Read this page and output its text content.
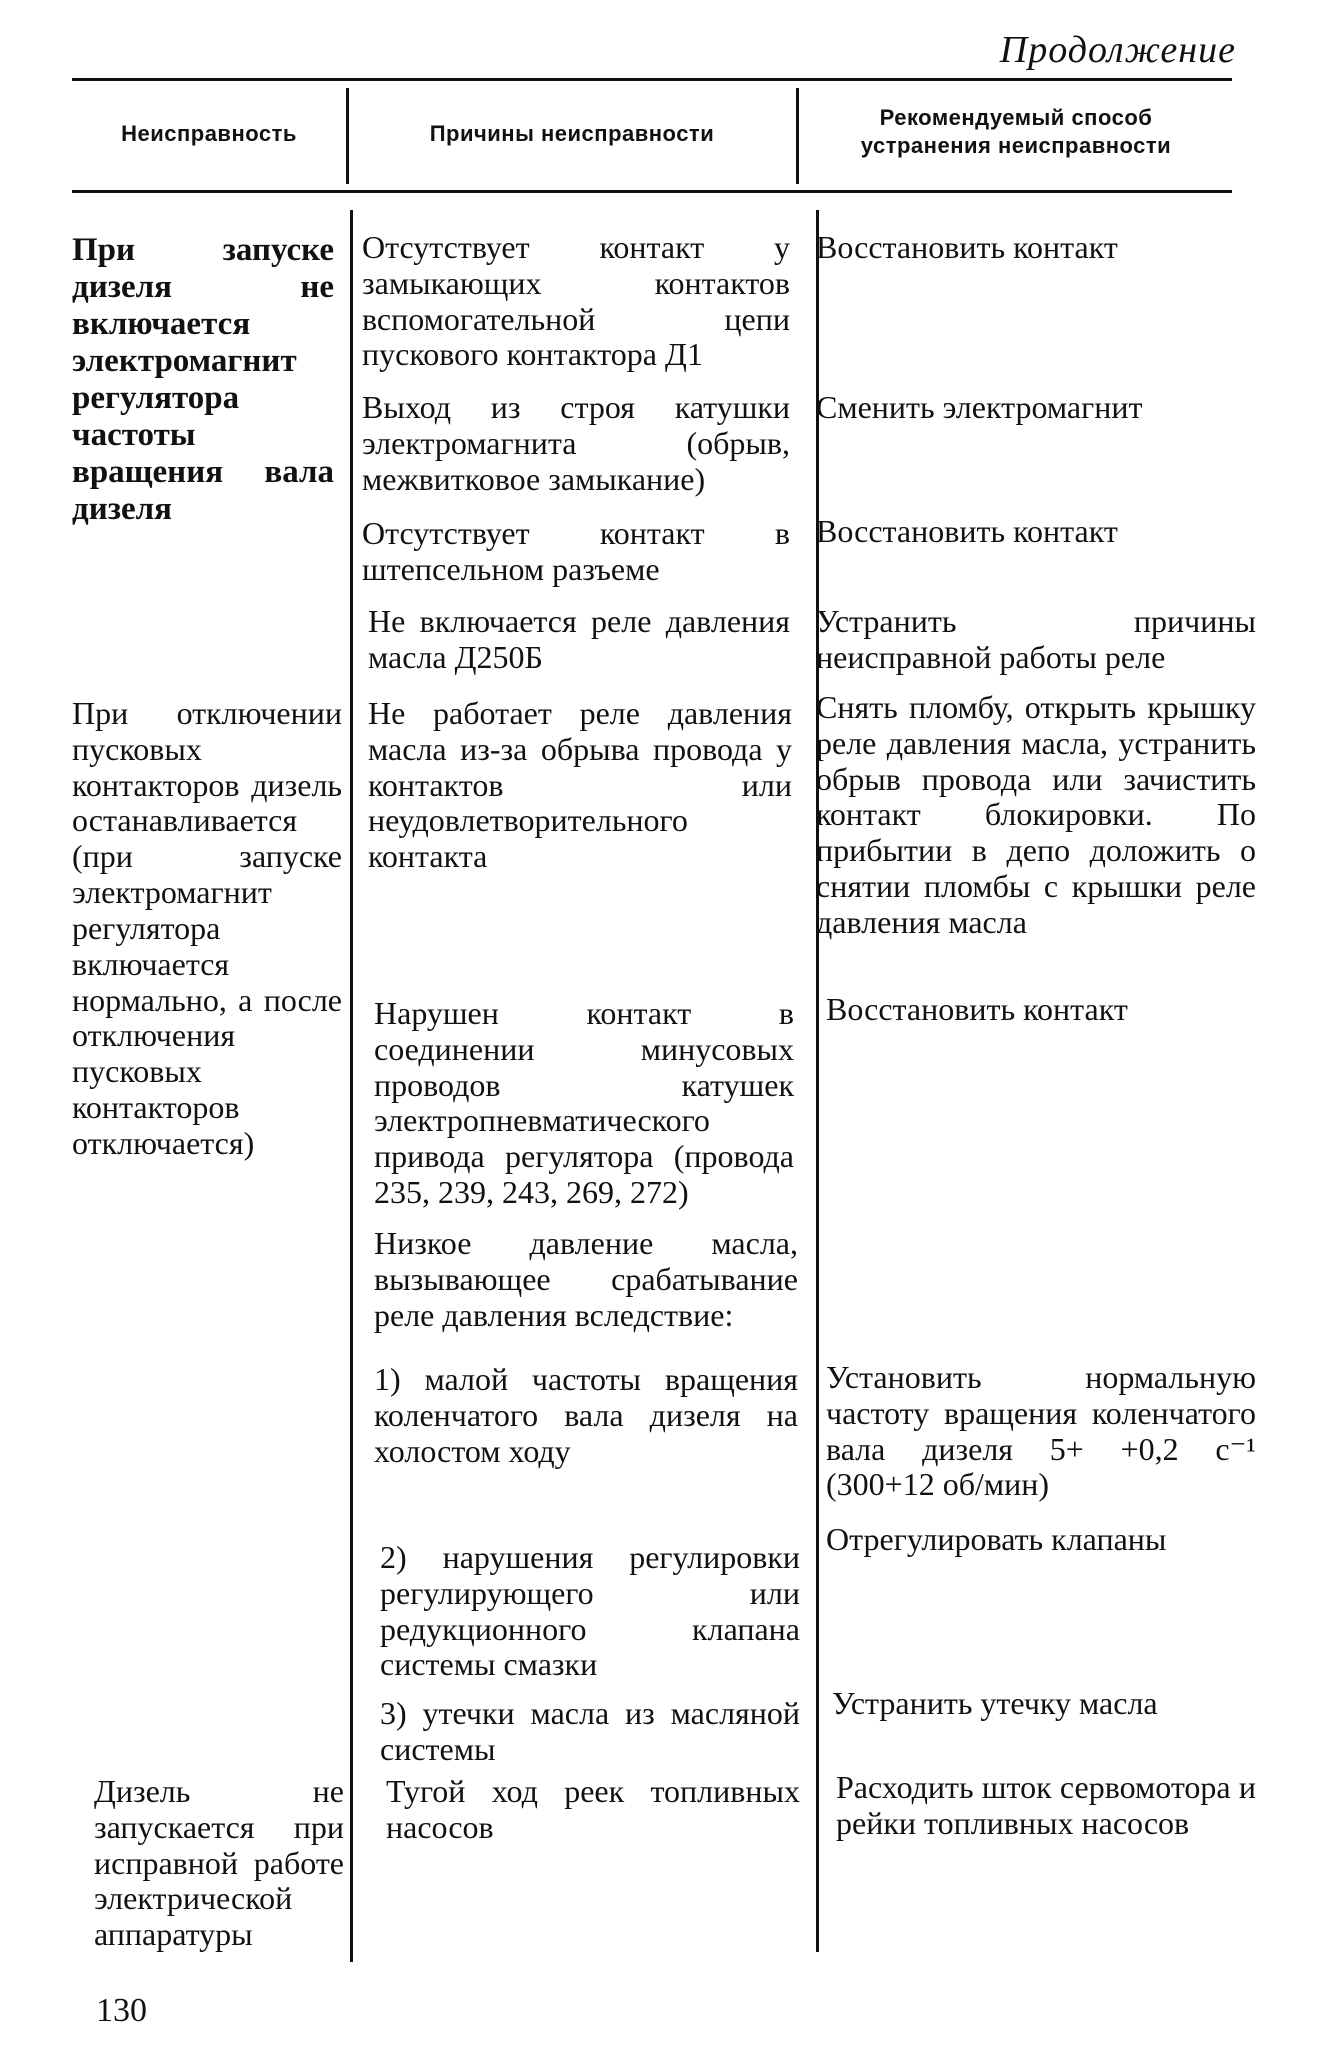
Продолжение
Неисправность	Причины неисправности
Рекомендуемый способ
устранения неисправности
При запуске дизеля не включается электромагнит регулятора частоты вращения вала дизеля
Отсутствует контакт у замыкающих контактов вспомогательной цепи пускового контактора Д1
Восстановить контакт
Выход из строя катушки электромагнита (обрыв, межвитковое замыкание)
Сменить электромагнит
Отсутствует контакт в штепсельном разъеме
Восстановить контакт
Не включается реле давления масла Д250Б
Устранить причины неисправной работы реле
При отключении пусковых контакторов дизель останавливается (при запуске электромагнит регулятора включается нормально, а после отключения пусковых контакторов отключается)
Не работает реле давления масла из-за обрыва провода у контактов или неудовлетворительного контакта
Снять пломбу, открыть крышку реле давления масла, устранить обрыв провода или зачистить контакт блокировки. По прибытии в депо доложить о снятии пломбы с крышки реле давления масла
Нарушен контакт в соединении минусовых проводов катушек электропневматического привода регулятора (провода 235, 239, 243, 269, 272)
Восстановить контакт
Низкое давление масла, вызывающее срабатывание реле давления вследствие:
1) малой частоты вращения коленчатого вала дизеля на холостом ходу
Установить нормальную частоту вращения коленчатого вала дизеля 5+ +0,2 с⁻¹ (300+12 об/мин)
2) нарушения регулировки регулирующего или редукционного клапана системы смазки
Отрегулировать клапаны
3) утечки масла из масляной системы
Устранить утечку масла
Дизель не запускается при исправной работе электрической аппаратуры
Тугой ход реек топливных насосов
Расходить шток сервомотора и рейки топливных насосов
130
